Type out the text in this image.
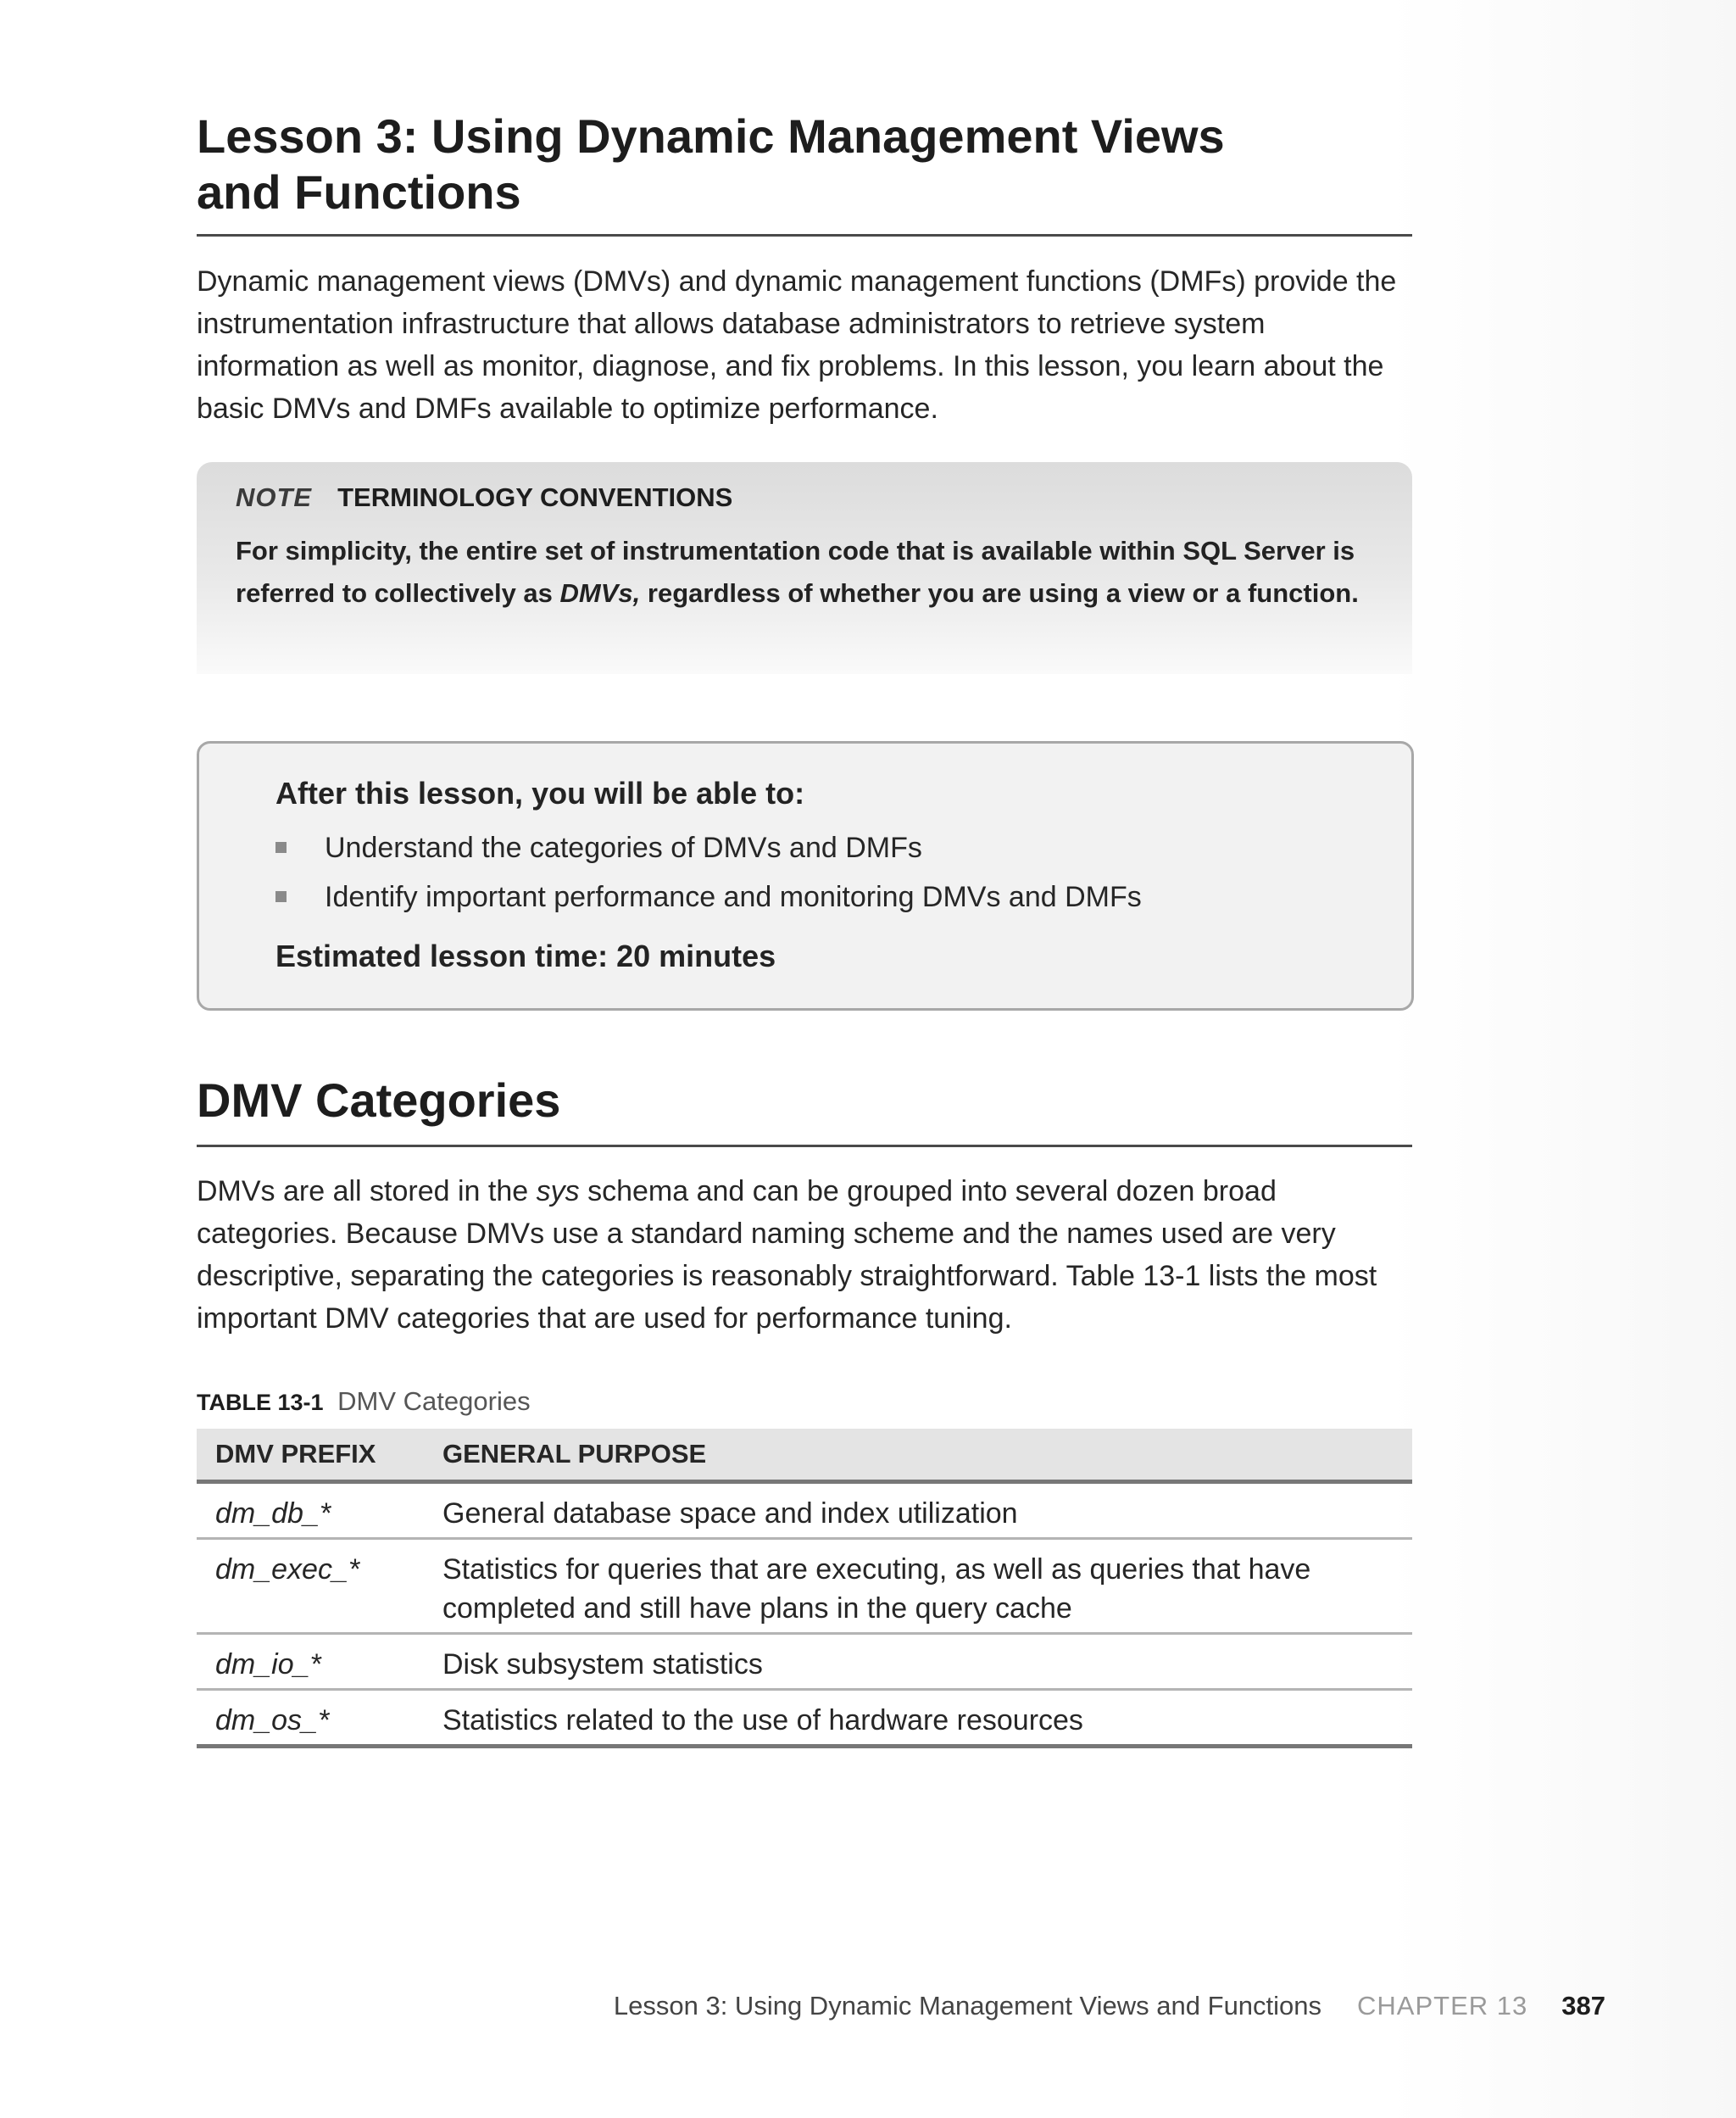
Lesson 3: Using Dynamic Management Views and Functions

Dynamic management views (DMVs) and dynamic management functions (DMFs) provide the instrumentation infrastructure that allows database administrators to retrieve system information as well as monitor, diagnose, and fix problems. In this lesson, you learn about the basic DMVs and DMFs available to optimize performance.

NOTE TERMINOLOGY CONVENTIONS

For simplicity, the entire set of instrumentation code that is available within SQL Server is referred to collectively as DMVs, regardless of whether you are using a view or a function.

After this lesson, you will be able to:

Understand the categories of DMVs and DMFs
Identify important performance and monitoring DMVs and DMFs

Estimated lesson time: 20 minutes

DMV Categories

DMVs are all stored in the sys schema and can be grouped into several dozen broad categories. Because DMVs use a standard naming scheme and the names used are very descriptive, separating the categories is reasonably straightforward. Table 13-1 lists the most important DMV categories that are used for performance tuning.

TABLE 13-1 DMV Categories

DMV PREFIX	GENERAL PURPOSE
dm_db_*	General database space and index utilization
dm_exec_*	Statistics for queries that are executing, as well as queries that have completed and still have plans in the query cache
dm_io_*	Disk subsystem statistics
dm_os_*	Statistics related to the use of hardware resources
Lesson 3: Using Dynamic Management Views and Functions CHAPTER 13 387
